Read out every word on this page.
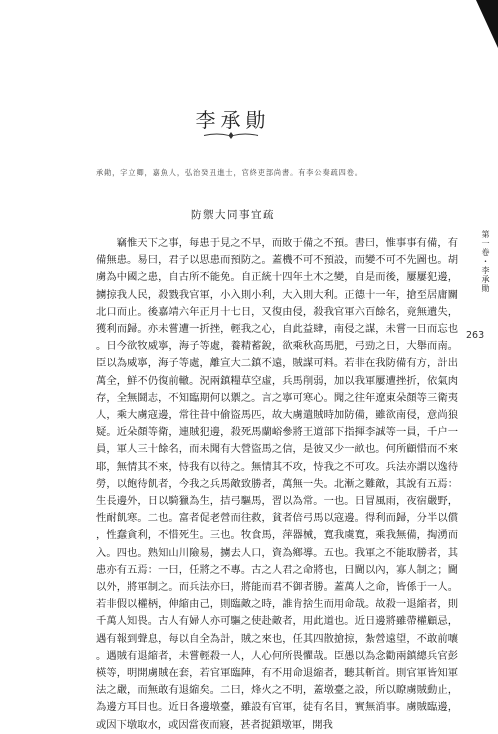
第一卷・李承勛
263
李承勛
承勛，字立卿，嘉魚人，弘治癸丑進士，官終吏部尚書。有李公奏疏四卷。
防禦大同事宜疏

竊惟天下之事，每患于見之不早，而敗于備之不預。書曰，惟事事有備，有備無患。易曰，君子以思患而預防之。蓋機不可不預設，而變不可不先圖也。胡虜為中國之患，自古所不能免。自正統十四年土木之變，自是而後，屢屢犯邊，擄掠我人民，殺戮我官軍，小入則小利，大入則大利。正德十一年，搶至居庸關北口而止。後嘉靖六年正月十七日，又復由侵，殺我官軍六百餘名，竟無遺失，獲利而歸。亦未嘗遭一折挫，輕我之心，自此益肆，南侵之謀，未嘗一日而忘也。日今欲牧威寧，海子等處，養精蓄銳，欲乘秋高馬肥，弓勁之日，大舉而南。臣以為威寧，海子等處，離宣大二鎮不遠，賊謀可料。若非在我防備有方，計出萬全，鮮不仍復前轍。況兩鎮糧草空虛，兵馬削弱，加以我軍屢遭挫折，依氣肉存，全無鬪志，不知臨期何以禦之。言之寧可寒心。聞之往年遼東朵顏等三衛夷人，乘大虜寇邊，常往昔中偷盜馬匹，故大虜遣賊時加防備，雖欲南侵，意尚狼疑。近朵顏等衛，連賊犯邊，殺死馬蘭峪參將王道部下指揮李誠等一員，千户一員，軍人三十餘名，而未聞有大營盜馬之信，是彼又少一畝也。何所顧惜而不來耶，無情其不來，恃我有以待之。無情其不攻，恃我之不可攻。兵法亦謂以逸待勞，以飽待飢者，今我之兵馬敵致勝者，萬無一失。北漸之難敵，其說有五焉：生長邊外，日以騎獵為生，拮弓驅馬，習以為常。一也。日冒風雨，夜宿嚴野，性耐飢寒。二也。富者促老營而往救，貧者倍弓馬以寇邊。得利而歸，分半以償，性蠢貪利，不惜死生。三也。牧食馬，萍器械，寬我虞寬，乘我無備，掏湧而入。四也。熟知山川險易，擄去人口，資為鄉導。五也。我軍之不能取勝者，其患亦有五焉：一曰，任將之不專。古之人君之命將也，日閫以內，寡人制之；閫以外，將軍制之。而兵法亦曰，將能而君不御者勝。蓋萬人之命，皆係于一人。若非假以權柄，伸縮由己，則臨敵之時，誰肯捨生而用命哉。故殺一退縮者，則千萬人知畏。古人有婦人亦可驅之使赴敵者，用此道也。近日邊將雖帶權顧忌，遇有報到聲息，每以自全為計，賊之來也，任其四散搶掠，紮營遠望，不敢前嚷。遇賊有退縮者，未嘗輕殺一人，人心何所畏懼哉。臣愚以為念勸兩鎮總兵官彭楧等，明開虜賊在套，若官軍臨陣，有不用命退縮者，聽其斬首。則官軍皆知軍法之嚴，而無敢有退縮矣。二曰，烽火之不明，蓋墩臺之設，所以瞭虜賊動止，為邊方耳目也。近日各邊墩臺，雖設有官軍，徒有名目，實無消事。虜賊臨邊，或因下墩取水，或因當夜而寢，甚者捉鎖墩軍，開我
